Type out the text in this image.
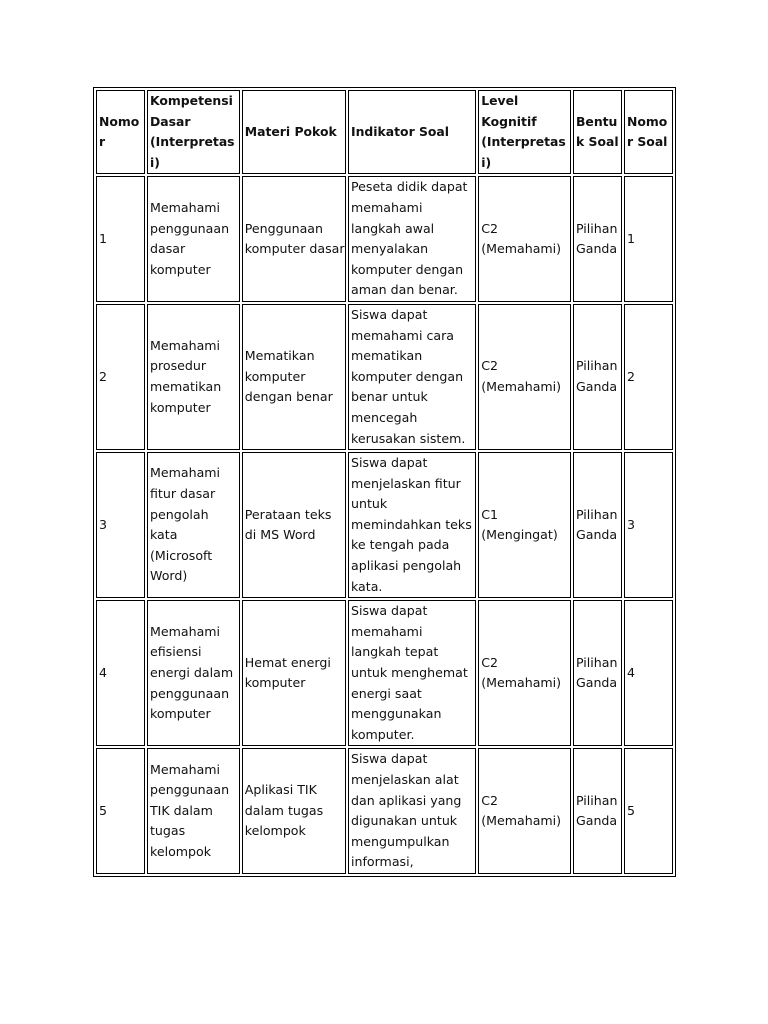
Nomor	Kompetensi Dasar (Interpretasi)	Materi Pokok	Indikator Soal	Level Kognitif (Interpretasi)	Bentuk Soal	Nomor Soal
1	Memahami penggunaan dasar komputer	Penggunaan komputer dasar	Peseta didik dapat memahami langkah awal menyalakan komputer dengan aman dan benar.	C2 (Memahami)	Pilihan Ganda	1
2	Memahami prosedur mematikan komputer	Mematikan komputer dengan benar	Siswa dapat memahami cara mematikan komputer dengan benar untuk mencegah kerusakan sistem.	C2 (Memahami)	Pilihan Ganda	2
3	Memahami fitur dasar pengolah kata (Microsoft Word)	Perataan teks di MS Word	Siswa dapat menjelaskan fitur untuk memindahkan teks ke tengah pada aplikasi pengolah kata.	C1 (Mengingat)	Pilihan Ganda	3
4	Memahami efisiensi energi dalam penggunaan komputer	Hemat energi komputer	Siswa dapat memahami langkah tepat untuk menghemat energi saat menggunakan komputer.	C2 (Memahami)	Pilihan Ganda	4
5	Memahami penggunaan TIK dalam tugas kelompok	Aplikasi TIK dalam tugas kelompok	Siswa dapat menjelaskan alat dan aplikasi yang digunakan untuk mengumpulkan informasi,	C2 (Memahami)	Pilihan Ganda	5
